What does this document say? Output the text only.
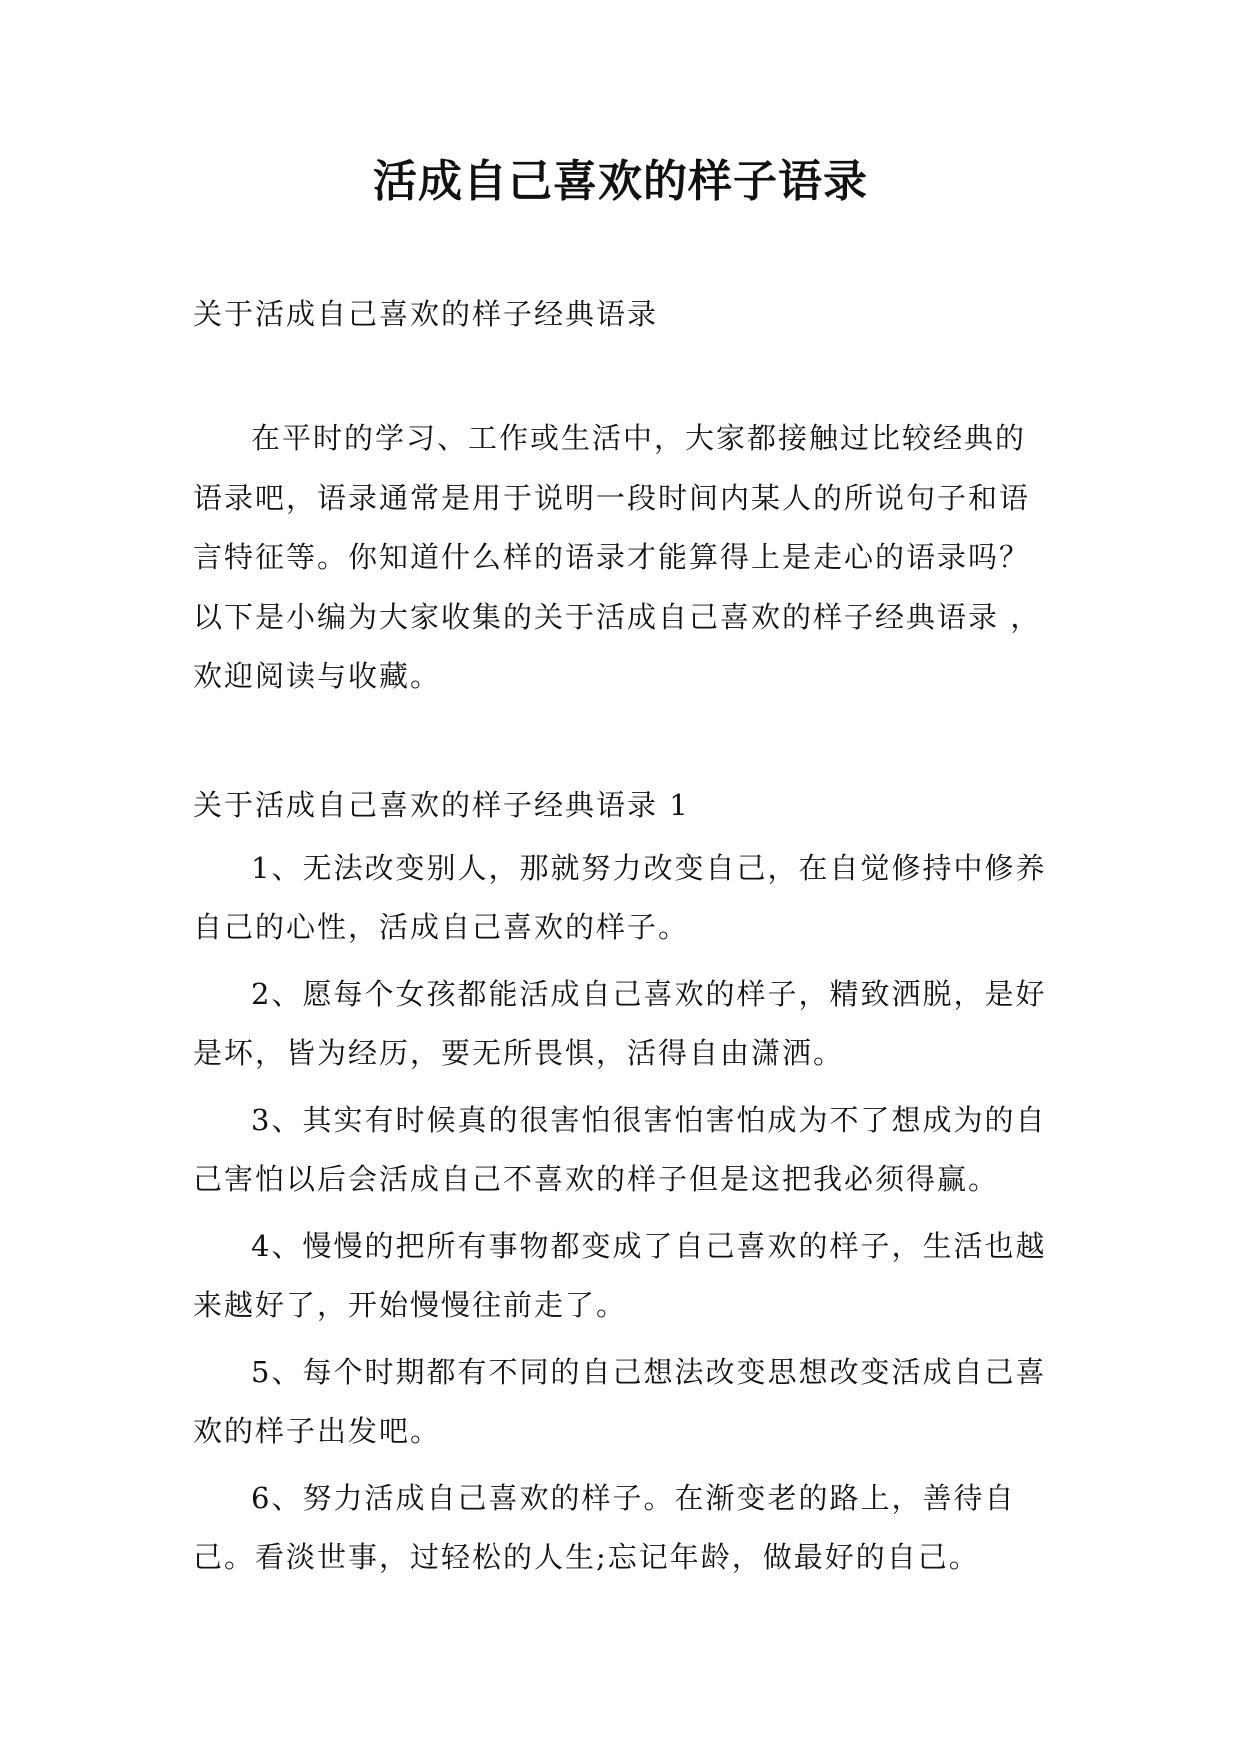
活成自己喜欢的样子语录

关于活成自己喜欢的样子经典语录

在平时的学习、工作或生活中，大家都接触过比较经典的语录吧，语录通常是用于说明一段时间内某人的所说句子和语言特征等。你知道什么样的语录才能算得上是走心的语录吗？以下是小编为大家收集的关于活成自己喜欢的样子经典语录 ，欢迎阅读与收藏。

关于活成自己喜欢的样子经典语录 1

1、无法改变别人，那就努力改变自己，在自觉修持中修养自己的心性，活成自己喜欢的样子。

2、愿每个女孩都能活成自己喜欢的样子，精致洒脱，是好是坏，皆为经历，要无所畏惧，活得自由潇洒。

3、其实有时候真的很害怕很害怕害怕成为不了想成为的自己害怕以后会活成自己不喜欢的样子但是这把我必须得赢。

4、慢慢的把所有事物都变成了自己喜欢的样子，生活也越来越好了，开始慢慢往前走了。

5、每个时期都有不同的自己想法改变思想改变活成自己喜欢的样子出发吧。

6、努力活成自己喜欢的样子。在渐变老的路上，善待自己。看淡世事，过轻松的人生;忘记年龄，做最好的自己。
